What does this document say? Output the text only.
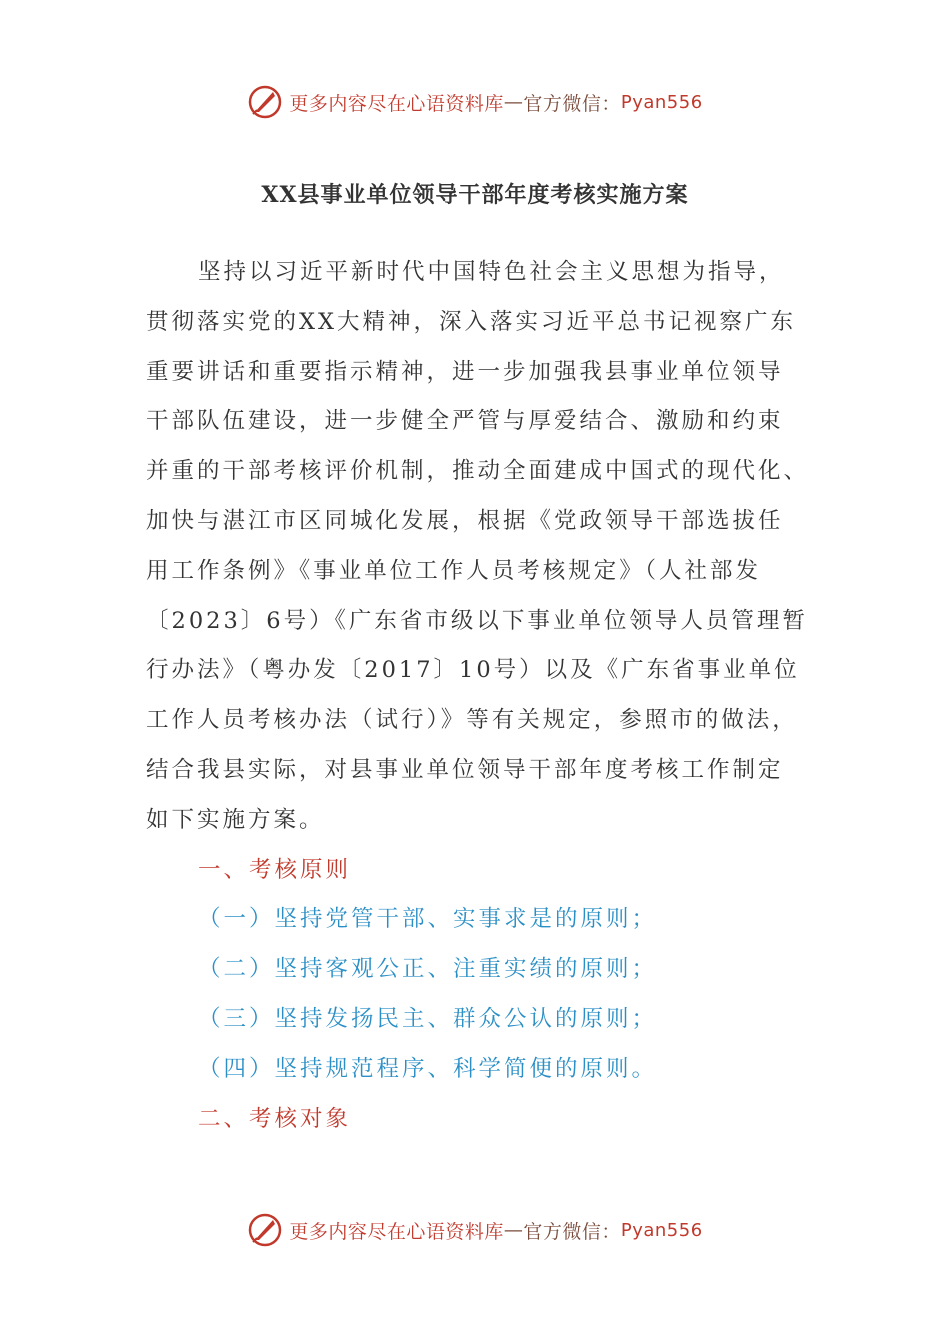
更多内容尽在心语资料库 — 官方微信： Pyan556
XX县事业单位领导干部年度考核实施方案
坚持以习近平新时代中国特色社会主义思想为指导，
贯彻落实党的XX大精神，深入落实习近平总书记视察广东
重要讲话和重要指示精神，进一步加强我县事业单位领导
干部队伍建设，进一步健全严管与厚爱结合、激励和约束
并重的干部考核评价机制，推动全面建成中国式的现代化、
加快与湛江市区同城化发展，根据《党政领导干部选拔任
用工作条例》《事业单位工作人员考核规定》（人社部发
〔2023〕6号）《广东省市级以下事业单位领导人员管理暂
行办法》（粤办发〔2017〕10号）以及《广东省事业单位
工作人员考核办法（试行）》等有关规定，参照市的做法，
结合我县实际，对县事业单位领导干部年度考核工作制定
如下实施方案。
一、考核原则
（一）坚持党管干部、实事求是的原则；
（二）坚持客观公正、注重实绩的原则；
（三）坚持发扬民主、群众公认的原则；
（四）坚持规范程序、科学简便的原则。
二、考核对象
更多内容尽在心语资料库 — 官方微信： Pyan556
